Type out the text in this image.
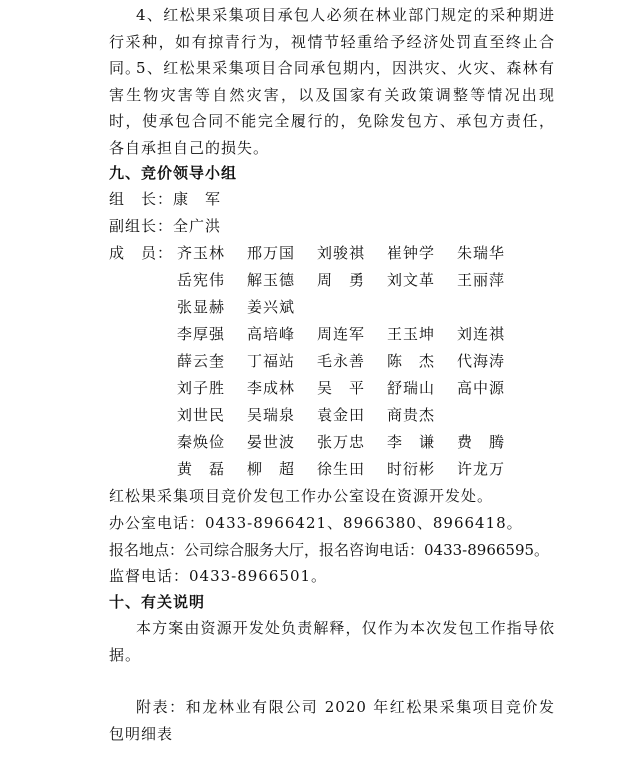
4、红松果采集项目承包人必须在林业部门规定的采种期进行采种，如有掠青行为，视情节轻重给予经济处罚直至终止合同。

5、红松果采集项目合同承包期内，因洪灾、火灾、森林有害生物灾害等自然灾害，以及国家有关政策调整等情况出现时，使承包合同不能完全履行的，免除发包方、承包方责任，各自承担自己的损失。

九、竞价领导小组

组　长：康　军

副组长：全广洪

成　员： 齐玉林 邢万国 刘骏祺 崔钟学 朱瑞华

岳宪伟 解玉德 周　勇 刘文革 王丽萍

张显赫 姜兴斌

李厚强 高培峰 周连军 王玉坤 刘连祺

薛云奎 丁福站 毛永善 陈　杰 代海涛

刘子胜 李成林 吴　平 舒瑞山 高中源

刘世民 吴瑞泉 袁金田 商贵杰

秦焕俭 晏世波 张万忠 李　谦 费　腾

黄　磊 柳　超 徐生田 时衍彬 许龙万

红松果采集项目竞价发包工作办公室设在资源开发处。

办公室电话：0433-8966421、8966380、8966418。

报名地点：公司综合服务大厅，报名咨询电话：0433-8966595。

监督电话：0433-8966501。

十、有关说明

本方案由资源开发处负责解释，仅作为本次发包工作指导依据。

附表：和龙林业有限公司 2020 年红松果采集项目竞价发包明细表
